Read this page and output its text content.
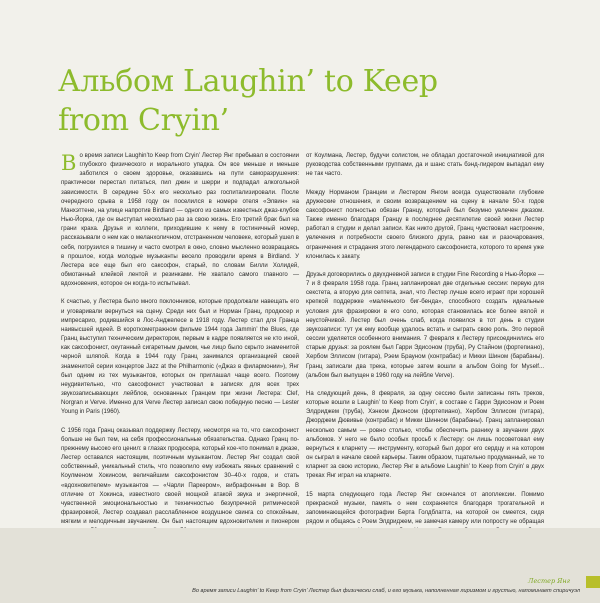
Альбом Laughin’ to Keep from Cryin’

Во время записи Laughin’to Keep from Cryin’ Лестер Янг пребывал в состоянии глубокого физического и морального упадка. Он все меньше и меньше заботился о своем здоровье, оказавшись на пути саморазрушения: практически перестал питаться, пил джин и шерри и подпадал алкогольной зависимости. В середине 50-х его несколько раз госпитализировали. После очередного срыва в 1958 году он поселился в номере отеля «Элвин» на Манхэттене, на улице напротив Birdland — одного из самых известных джаз-клубов Нью-Йорка, где он выступал несколько раз за свою жизнь. Его третий брак был на грани краха. Друзья и коллеги, приходившие к нему в гостиничный номер, рассказывали о нем как о меланхоличном, отстраненном человеке, который ушел в себя, погрузился в тишину и часто смотрел в окно, словно мысленно возвращаясь в прошлое, когда молодые музыканты весело проводили время в Birdland. У Лестера все еще был его саксофон, старый, по словам Билли Холидей, обмотанный клейкой лентой и резинками. Не хватало самого главного — вдохновения, которое он когда-то испытывал.

К счастью, у Лестера было много поклонников, которые продолжали навещать его и уговаривали вернуться на сцену. Среди них был и Норман Гранц, продюсер и импресарио, родившийся в Лос-Анджелесе в 1918 году. Лестер стал для Гранца наивысшей идеей. В короткометражном фильме 1944 года Jammin’ the Blues, где Гранц выступил техническим директором, первым в кадре появляется не кто иной, как саксофонист, окутанный сигаретным дымом, чье лицо было скрыто знаменитой черной шляпой. Когда в 1944 году Гранц занимался организацией своей знаменитой серии концертов Jazz at the Philharmonic («Джаз в филармонии»), Янг был одним из тех музыкантов, которых он приглашал чаще всего. Поэтому неудивительно, что саксофонист участвовал в записях для всех трех звукозаписывающих лейблов, основанных Гранцем при жизни Лестера: Clef, Norgran и Verve. Именно для Verve Лестер записал свою победную песню — Lester Young in Paris (1960).

С 1956 года Гранц оказывал поддержку Лестеру, несмотря на то, что саксофонист больше не был тем, на себя профессиональные обязательства. Однако Гранц по-прежнему высоко его ценил: в глазах продюсера, который кое-что понимал в джазе, Лестер оставался настоящим, поэтичным музыкантом. Лестер Янг создал свой собственный, уникальный стиль, что позволило ему избежать явных сравнений с Коулменом Хокинсом, величайшим саксофонистом 30–40-х годов, и стать «вдохновителем» музыкантов — «Чарли Паркером», вибрафонным в Bop. В отличие от Хокинса, известного своей мощной атакой звука и энергичной, чувственной эмоциональностью и техничностью безупречной ритмической фразировкой, Лестер создавал расслабленное воздушное свинга со спокойным, мягким и мелодичным звучанием. Он был настоящим вдохновителем и пионером

от Коулмана, Лестер, будучи солистом, не обладал достаточной инициативой для руководства собственными группами, да и шанс стать бэнд-лидером выпадал ему не так часто.

Между Норманом Гранцем и Лестером Янгом всегда существовали глубокие дружеские отношения, и своим возвращением на сцену в начале 50-х годов саксофонист полностью обязан Гранцу, который был безумно увлечен джазом. Также именно благодаря Гранцу в последнее десятилетие своей жизни Лестер работал в студии и делал записи. Как никто другой, Гранц чувствовал настроение, увлечения и потребности своего близкого друга, равно как и разочарования, ограничения и страдания этого легендарного саксофониста, которого то время уже клонилась к закату.

Друзья договорились о двухдневной записи в студии Fine Recording в Нью-Йорке — 7 и 8 февраля 1958 года. Гранц запланировал две отдельные сессии: первую для секстета, а вторую для септета, знал, что Лестер лучше всего играет при хорошей крепкой поддержке «маленького биг-бенда», способного создать идеальные условия для фразировки в его соло, которая становилась все более вялой и неустойчивой. Лестер был очень слаб, когда появился в тот день в студии звукозаписи: тут уж ему вообще удалось встать и сыграть свою роль. Это первой сессии уделяется особенного внимания. 7 февраля к Лестеру присоединились его старые друзья: за роялем был Гарри Эдисоном (труба), Ру Стайном (фортепиано), Хербом Эллисом (гитара), Рэем Брауном (контрабас) и Микки Шином (барабаны). Гранц записали два трека, которые затем вошли в альбом Going for Myself... (альбом был выпущен в 1960 году на лейбле Verve).

На следующий день, 8 февраля, за одну сессию были записаны пять треков, которые вошли в Laughin’ to Keep from Cryin’, в составе с Гарри Эдисоном и Роем Элдриджем (труба), Хэнком Джонсом (фортепиано), Хербом Эллисом (гитара), Джорджем Дювивье (контрабас) и Микки Шинном (барабаны). Гранц запланировал несколько самым — ровно столько, чтобы обеспечить разнику в звучании двух альбомов. У него не было особых просьб к Лестеру: он лишь посоветовал ему вернуться к кларнету — инструменту, который был дорог его сердцу и на котором он сыграл в начале своей карьеры. Таким образом, тщательно продуманный, не то кларнет за свою историю, Лестер Янг в альбоме Laughin’ to Keep from Cryin’ в двух треках Янг играл на кларнете.

15 марта следующего года Лестер Янг скончался от апоплексии. Помимо прекрасной музыки, память о нем сохраняется благодаря трогательной и запоминающейся фотографии Берта Голдблатта, на которой он смеется, сидя рядом и общаясь с Роем Элдриджем, не замечая камеру или попросту не обращая

Лестер Янг

Во время записи Laughin’ to Keep from Cryin’ Лестер был физически слаб, и его музыка, наполненная лиризмом и грустью, напоминает спиричуэл
